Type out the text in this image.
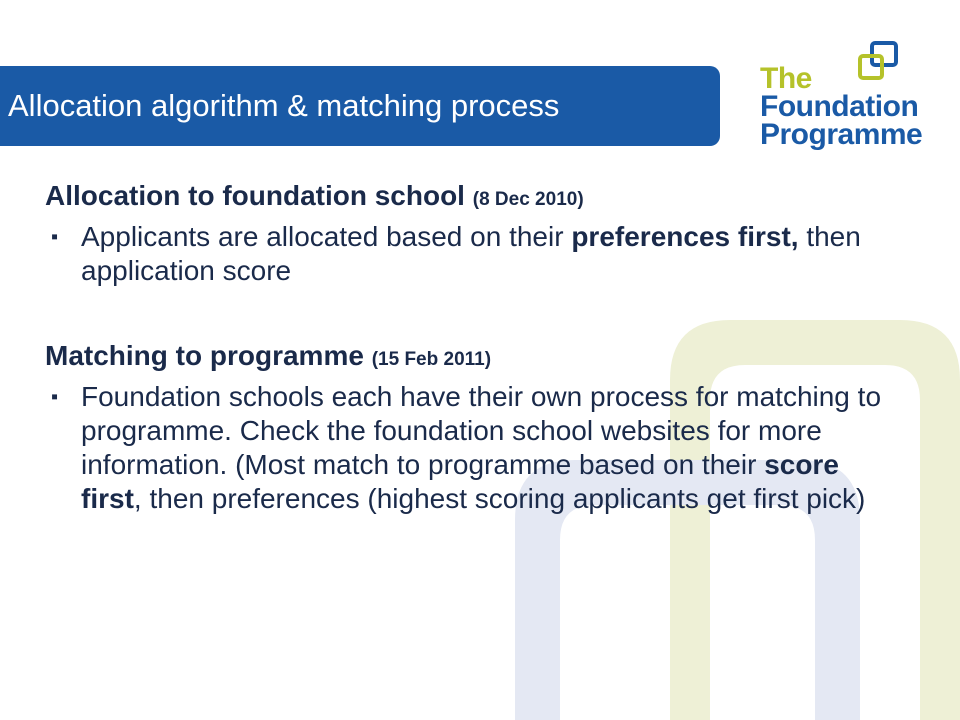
Allocation algorithm & matching process
The
Foundation
Programme
Allocation to foundation school (8 Dec 2010)
▪ Applicants are allocated based on their preferences first, then application score
Matching to programme (15 Feb 2011)
▪ Foundation schools each have their own process for matching to programme. Check the foundation school websites for more information. (Most match to programme based on their score first, then preferences (highest scoring applicants get first pick)
